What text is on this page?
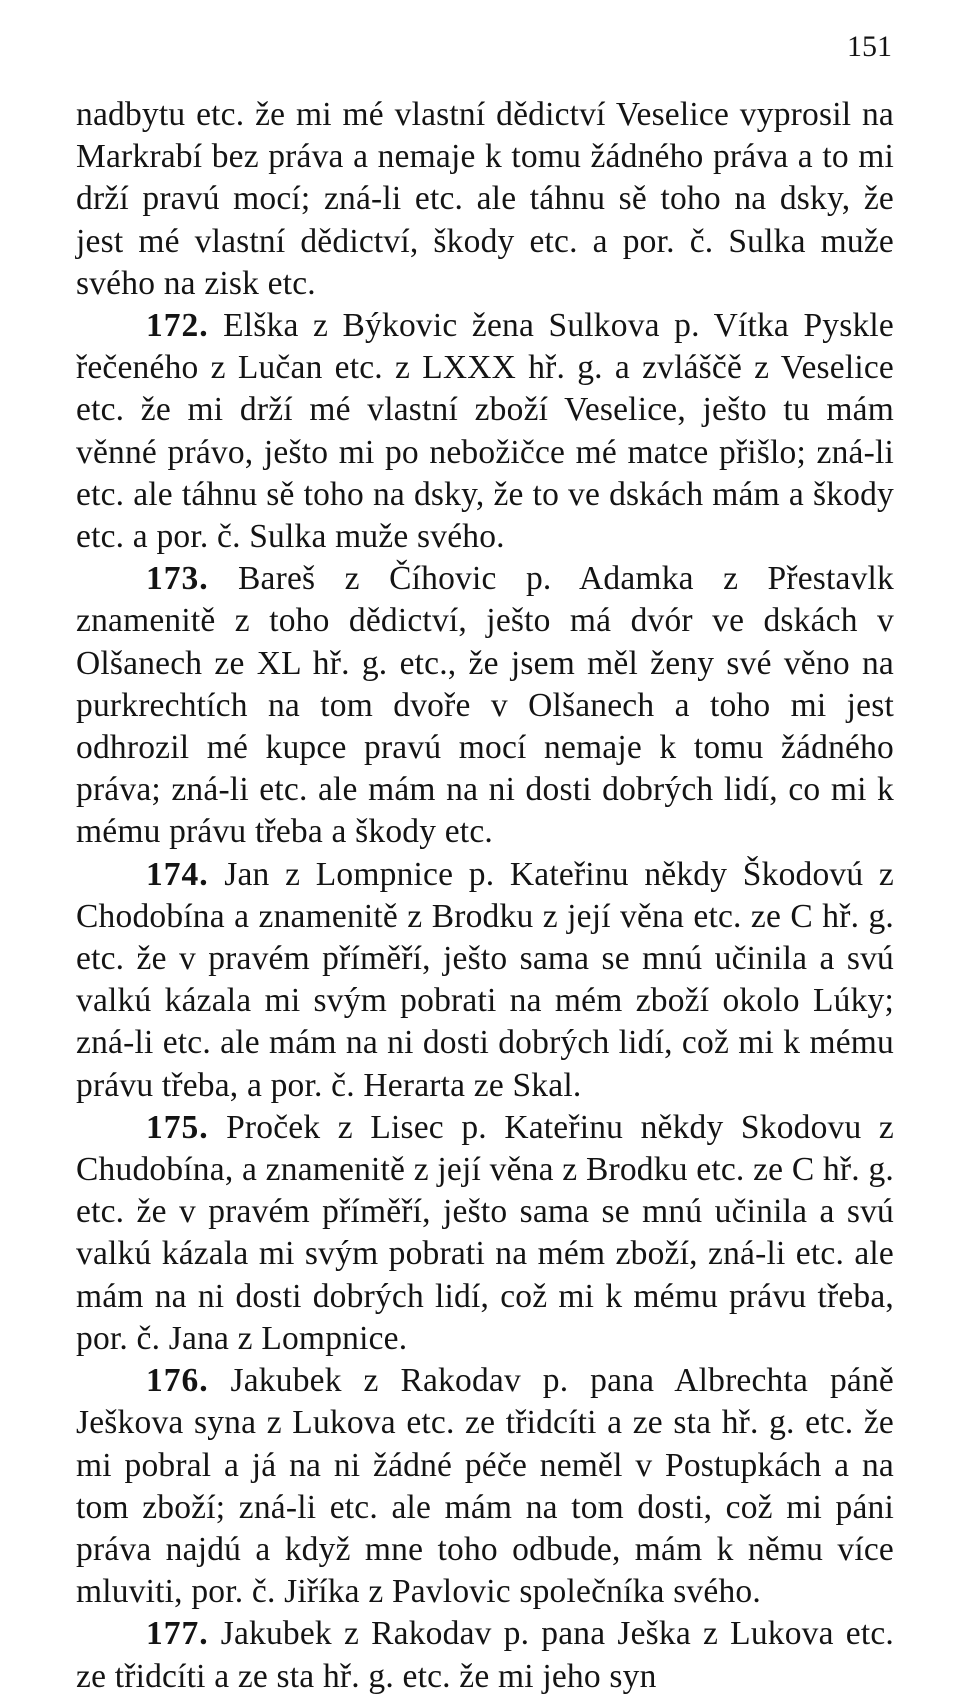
151

nadbytu etc. že mi mé vlastní dědictví Veselice vyprosil na Markrabí bez práva a nemaje k tomu žádného práva a to mi drží pravú mocí; zná-li etc. ale táhnu sě toho na dsky, že jest mé vlastní dědictví, škody etc. a por. č. Sulka muže svého na zisk etc.

172. Elška z Býkovic žena Sulkova p. Vítka Pyskle řečeného z Lučan etc. z LXXX hř. g. a zvláščě z Veselice etc. že mi drží mé vlastní zboží Veselice, ješto tu mám věnné právo, ješto mi po nebožičce mé matce přišlo; zná-li etc. ale táhnu sě toho na dsky, že to ve dskách mám a škody etc. a por. č. Sulka muže svého.

173. Bareš z Číhovic p. Adamka z Přestavlk znamenitě z toho dědictví, ješto má dvór ve dskách v Olšanech ze XL hř. g. etc., že jsem měl ženy své věno na purkrechtích na tom dvoře v Olšanech a toho mi jest odhrozil mé kupce pravú mocí nemaje k tomu žádného práva; zná-li etc. ale mám na ni dosti dobrých lidí, co mi k mému právu třeba a škody etc.

174. Jan z Lompnice p. Kateřinu někdy Škodovú z Chodobína a znamenitě z Brodku z její věna etc. ze C hř. g. etc. že v pravém příměří, ješto sama se mnú učinila a svú valkú kázala mi svým pobrati na mém zboží okolo Lúky; zná-li etc. ale mám na ni dosti dobrých lidí, což mi k mému právu třeba, a por. č. Herarta ze Skal.

175. Proček z Lisec p. Kateřinu někdy Skodovu z Chudobína, a znamenitě z její věna z Brodku etc. ze C hř. g. etc. že v pravém příměří, ješto sama se mnú učinila a svú valkú kázala mi svým pobrati na mém zboží, zná-li etc. ale mám na ni dosti dobrých lidí, což mi k mému právu třeba, por. č. Jana z Lompnice.

176. Jakubek z Rakodav p. pana Albrechta páně Ješkova syna z Lukova etc. ze třidcíti a ze sta hř. g. etc. že mi pobral a já na ni žádné péče neměl v Postupkách a na tom zboží; zná-li etc. ale mám na tom dosti, což mi páni práva najdú a když mne toho odbude, mám k němu více mluviti, por. č. Jiříka z Pavlovic společníka svého.

177. Jakubek z Rakodav p. pana Ješka z Lukova etc. ze třidcíti a ze sta hř. g. etc. že mi jeho syn
